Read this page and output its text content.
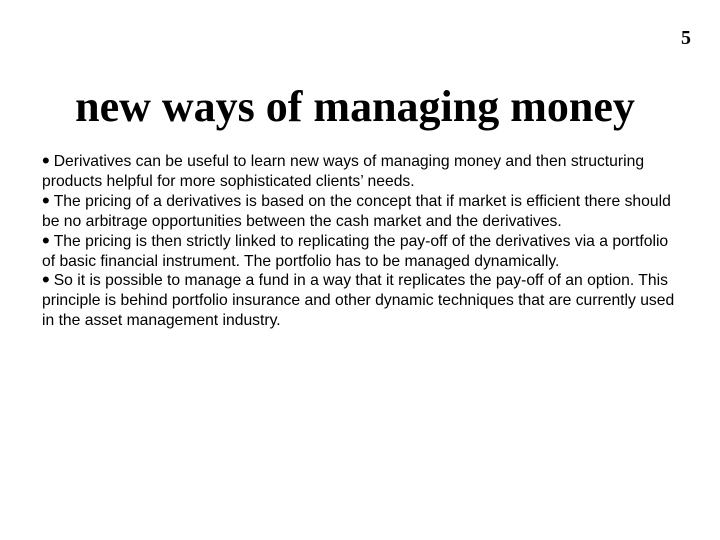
5
new ways of managing money

• Derivatives can be useful to learn new ways of managing money and then structuring products helpful for more sophisticated clients’ needs.

• The pricing of a derivatives is based on the concept that if market is efficient there should be no arbitrage opportunities between the cash market and the derivatives.

• The pricing is then strictly linked to replicating the pay-off of the derivatives via a portfolio of basic financial instrument. The portfolio has to be managed dynamically.

• So it is possible to manage a fund in a way that it replicates the pay-off of an option. This principle is behind portfolio insurance and other dynamic techniques that are currently used in the asset management industry.
